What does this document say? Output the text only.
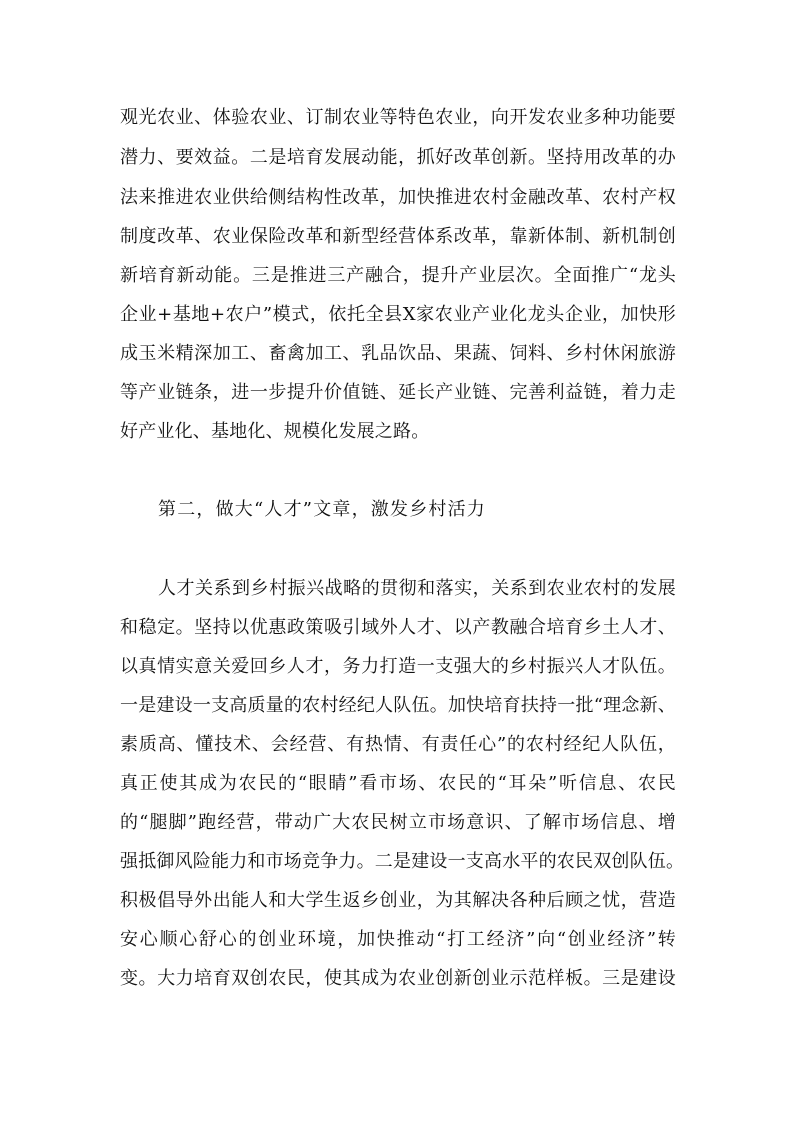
观光农业、体验农业、订制农业等特色农业，向开发农业多种功能要
潜力、要效益。二是培育发展动能，抓好改革创新。坚持用改革的办
法来推进农业供给侧结构性改革，加快推进农村金融改革、农村产权
制度改革、农业保险改革和新型经营体系改革，靠新体制、新机制创
新培育新动能。三是推进三产融合，提升产业层次。全面推广“龙头
企业+基地+农户”模式，依托全县X家农业产业化龙头企业，加快形
成玉米精深加工、畜禽加工、乳品饮品、果蔬、饲料、乡村休闲旅游
等产业链条，进一步提升价值链、延长产业链、完善利益链，着力走
好产业化、基地化、规模化发展之路。
第二，做大“人才”文章，激发乡村活力
人才关系到乡村振兴战略的贯彻和落实，关系到农业农村的发展
和稳定。坚持以优惠政策吸引域外人才、以产教融合培育乡土人才、
以真情实意关爱回乡人才，务力打造一支强大的乡村振兴人才队伍。
一是建设一支高质量的农村经纪人队伍。加快培育扶持一批“理念新、
素质高、懂技术、会经营、有热情、有责任心”的农村经纪人队伍，
真正使其成为农民的“眼睛”看市场、农民的“耳朵”听信息、农民
的“腿脚”跑经营，带动广大农民树立市场意识、了解市场信息、增
强抵御风险能力和市场竞争力。二是建设一支高水平的农民双创队伍。
积极倡导外出能人和大学生返乡创业，为其解决各种后顾之忧，营造
安心顺心舒心的创业环境，加快推动“打工经济”向“创业经济”转
变。大力培育双创农民，使其成为农业创新创业示范样板。三是建设
